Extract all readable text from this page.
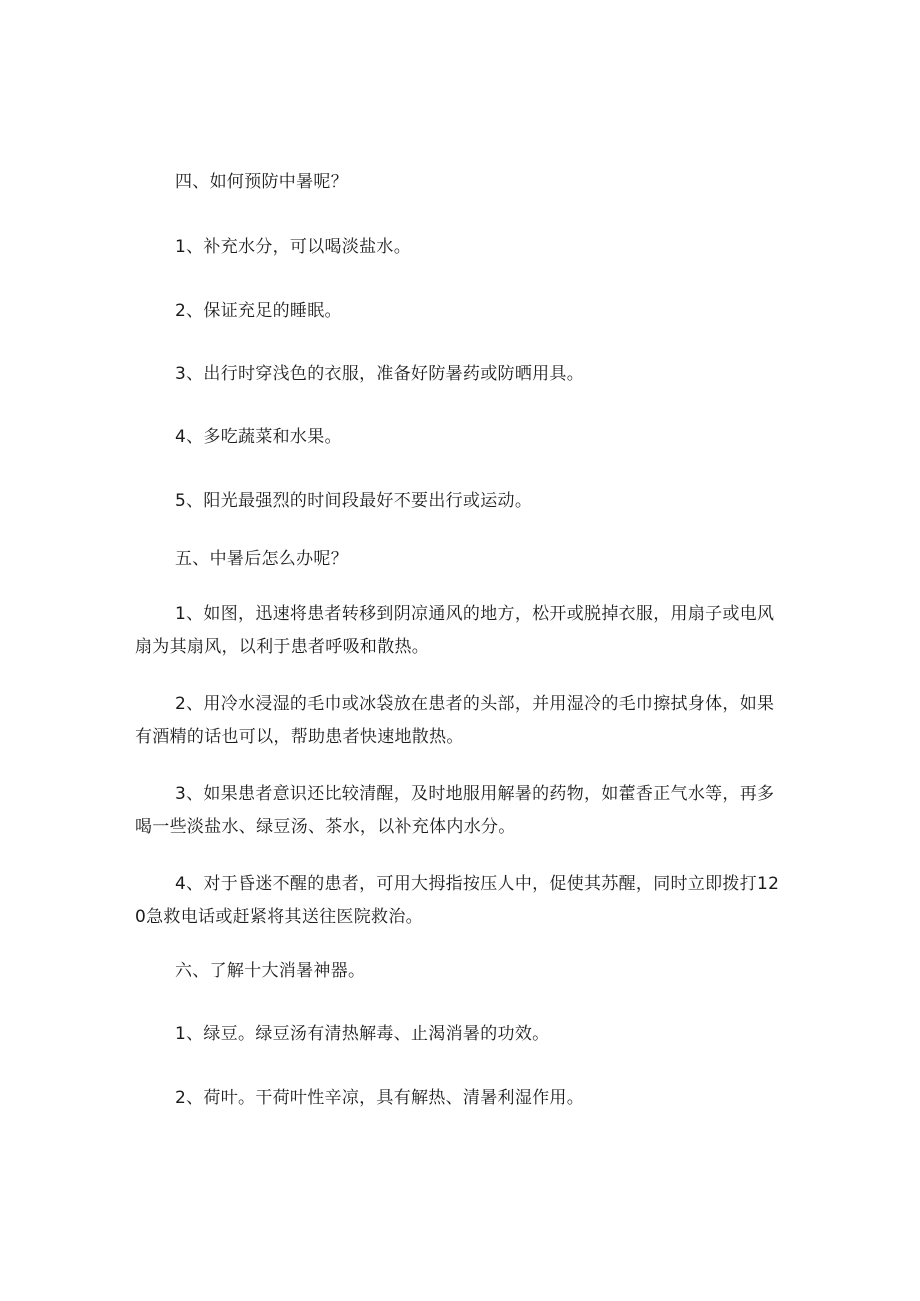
四、如何预防中暑呢？

1、补充水分，可以喝淡盐水。

2、保证充足的睡眠。

3、出行时穿浅色的衣服，准备好防暑药或防晒用具。

4、多吃蔬菜和水果。

5、阳光最强烈的时间段最好不要出行或运动。

五、中暑后怎么办呢？

1、如图，迅速将患者转移到阴凉通风的地方，松开或脱掉衣服，用扇子或电风扇为其扇风，以利于患者呼吸和散热。

2、用冷水浸湿的毛巾或冰袋放在患者的头部，并用湿冷的毛巾擦拭身体，如果有酒精的话也可以，帮助患者快速地散热。

3、如果患者意识还比较清醒，及时地服用解暑的药物，如藿香正气水等，再多喝一些淡盐水、绿豆汤、茶水，以补充体内水分。

4、对于昏迷不醒的患者，可用大拇指按压人中，促使其苏醒，同时立即拨打120急救电话或赶紧将其送往医院救治。

六、了解十大消暑神器。

1、绿豆。绿豆汤有清热解毒、止渴消暑的功效。

2、荷叶。干荷叶性辛凉，具有解热、清暑利湿作用。
